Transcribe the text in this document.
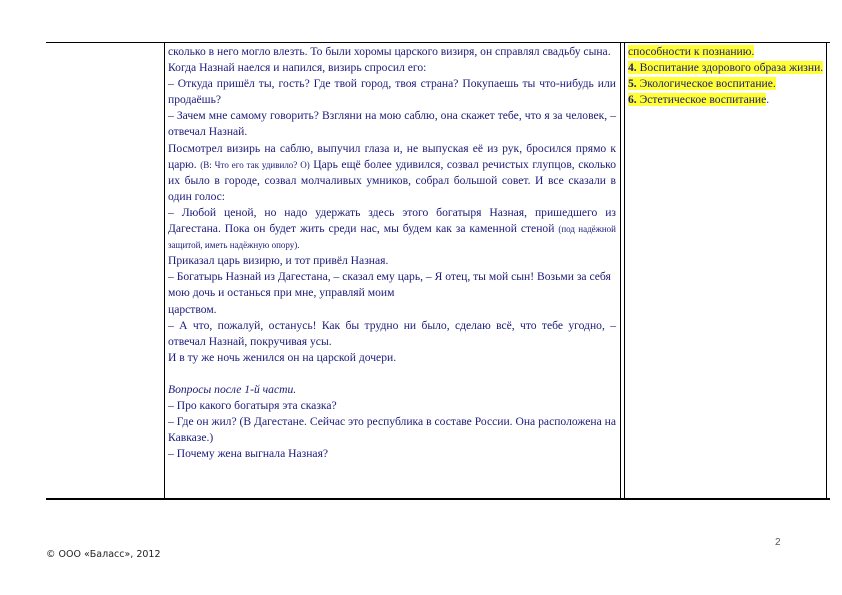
сколько в него могло влезть. То были хоромы царского визиря, он справлял свадьбу сына.

Когда Назнай наелся и напился, визирь спросил его:

– Откуда пришёл ты, гость? Где твой город, твоя страна? Покупаешь ты что-нибудь или продаёшь?

– Зачем мне самому говорить? Взгляни на мою саблю, она скажет тебе, что я за человек, – отвечал Назнай.

Посмотрел визирь на саблю, выпучил глаза и, не выпуская её из рук, бросился прямо к царю. (В: Что его так удивило? О) Царь ещё более удивился, созвал речистых глупцов, сколько их было в городе, созвал молчаливых умников, собрал большой совет. И все сказали в один голос:

– Любой ценой, но надо удержать здесь этого богатыря Назная, пришедшего из Дагестана. Пока он будет жить среди нас, мы будем как за каменной стеной (под надёжной защитой, иметь надёжную опору).

Приказал царь визирю, и тот привёл Назная.

– Богатырь Назнай из Дагестана, – сказал ему царь, – Я отец, ты мой сын! Возьми за себя мою дочь и останься при мне, управляй моим

царством.

– А что, пожалуй, останусь! Как бы трудно ни было, сделаю всё, что тебе угодно, – отвечал Назнай, покручивая усы.

И в ту же ночь женился он на царской дочери.

Вопросы после 1-й части.

– Про какого богатыря эта сказка?

– Где он жил? (В Дагестане. Сейчас это республика в составе России. Она расположена на Кавказе.)

– Почему жена выгнала Назная?

способности к познанию.

4. Воспитание здорового образа жизни.

5. Экологическое воспитание.

6. Эстетическое воспитание.

2
© ООО «Баласс», 2012
